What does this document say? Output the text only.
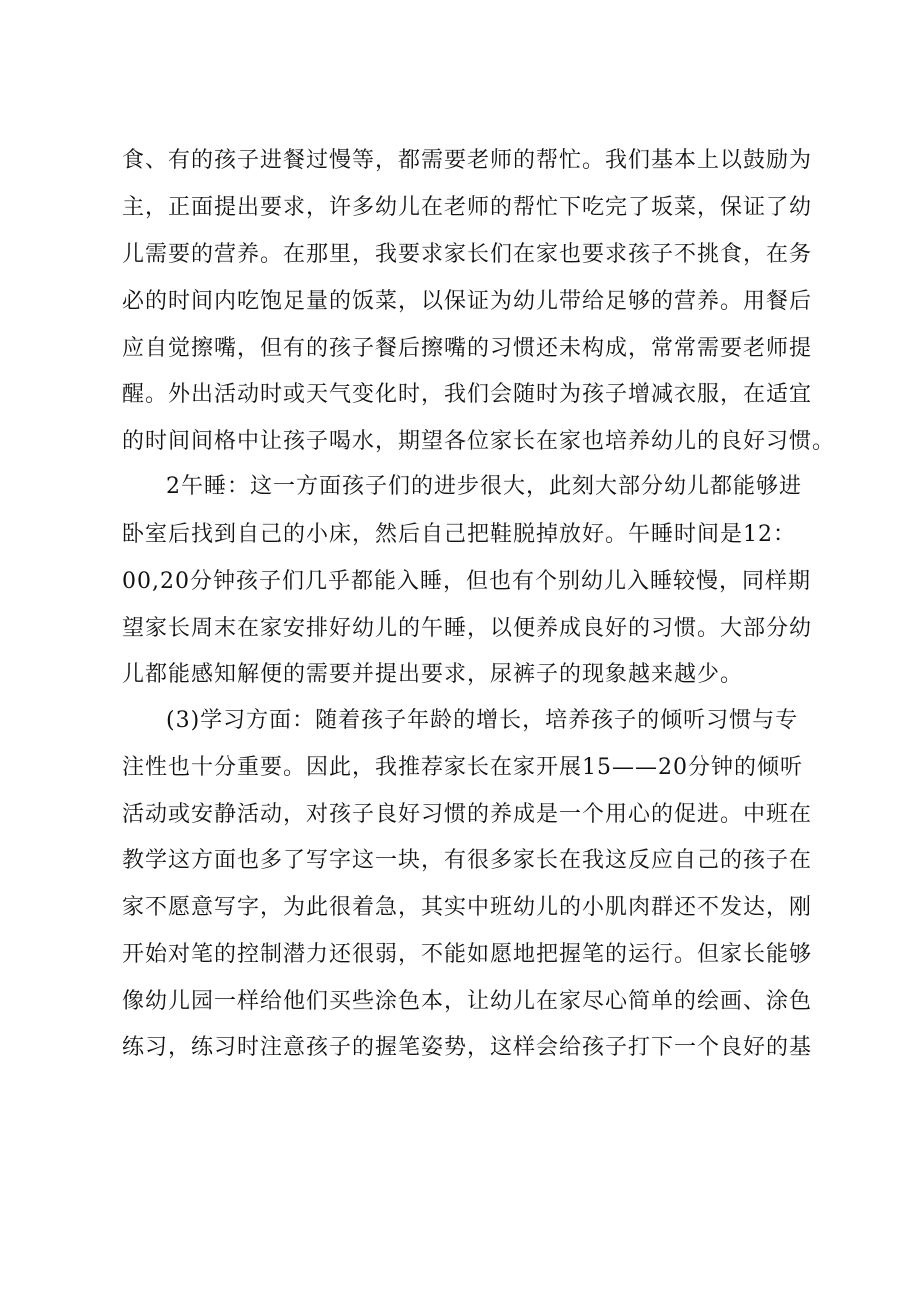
食、有的孩子进餐过慢等，都需要老师的帮忙。我们基本上以鼓励为
主，正面提出要求，许多幼儿在老师的帮忙下吃完了坂菜，保证了幼
儿需要的营养。在那里，我要求家长们在家也要求孩子不挑食，在务
必的时间内吃饱足量的饭菜，以保证为幼儿带给足够的营养。用餐后
应自觉擦嘴，但有的孩子餐后擦嘴的习惯还未构成，常常需要老师提
醒。外出活动时或天气变化时，我们会随时为孩子增减衣服，在适宜
的时间间格中让孩子喝水，期望各位家长在家也培养幼儿的良好习惯。
2午睡：这一方面孩子们的进步很大，此刻大部分幼儿都能够进
卧室后找到自己的小床，然后自己把鞋脱掉放好。午睡时间是12：
00,20分钟孩子们几乎都能入睡，但也有个别幼儿入睡较慢，同样期
望家长周末在家安排好幼儿的午睡，以便养成良好的习惯。大部分幼
儿都能感知解便的需要并提出要求，尿裤子的现象越来越少。
(3)学习方面：随着孩子年龄的增长，培养孩子的倾听习惯与专
注性也十分重要。因此，我推荐家长在家开展15——20分钟的倾听
活动或安静活动，对孩子良好习惯的养成是一个用心的促进。中班在
教学这方面也多了写字这一块，有很多家长在我这反应自己的孩子在
家不愿意写字，为此很着急，其实中班幼儿的小肌肉群还不发达，刚
开始对笔的控制潜力还很弱，不能如愿地把握笔的运行。但家长能够
像幼儿园一样给他们买些涂色本，让幼儿在家尽心简单的绘画、涂色
练习，练习时注意孩子的握笔姿势，这样会给孩子打下一个良好的基
